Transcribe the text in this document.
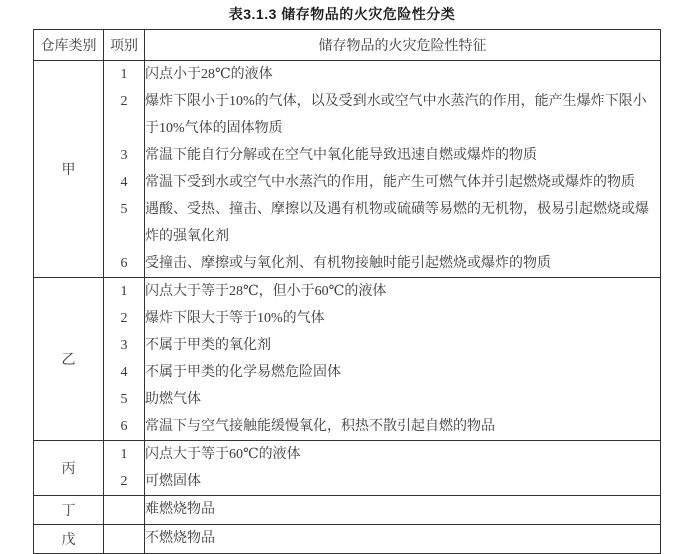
表3.1.3 储存物品的火灾危险性分类
仓库类别	项别	储存物品的火灾危险性特征
甲	1	闪点小于28℃的液体
	2	爆炸下限小于10%的气体，以及受到水或空气中水蒸汽的作用，能产生爆炸下限小于10%气体的固体物质
	3	常温下能自行分解或在空气中氧化能导致迅速自燃或爆炸的物质
	4	常温下受到水或空气中水蒸汽的作用，能产生可燃气体并引起燃烧或爆炸的物质
	5	遇酸、受热、撞击、摩擦以及遇有机物或硫磺等易燃的无机物，极易引起燃烧或爆炸的强氧化剂
	6	受撞击、摩擦或与氧化剂、有机物接触时能引起燃烧或爆炸的物质
乙	1	闪点大于等于28℃，但小于60℃的液体
	2	爆炸下限大于等于10%的气体
	3	不属于甲类的氧化剂
	4	不属于甲类的化学易燃危险固体
	5	助燃气体
	6	常温下与空气接触能缓慢氧化，积热不散引起自燃的物品
丙	1	闪点大于等于60℃的液体
	2	可燃固体
丁		难燃烧物品
戊		不燃烧物品
